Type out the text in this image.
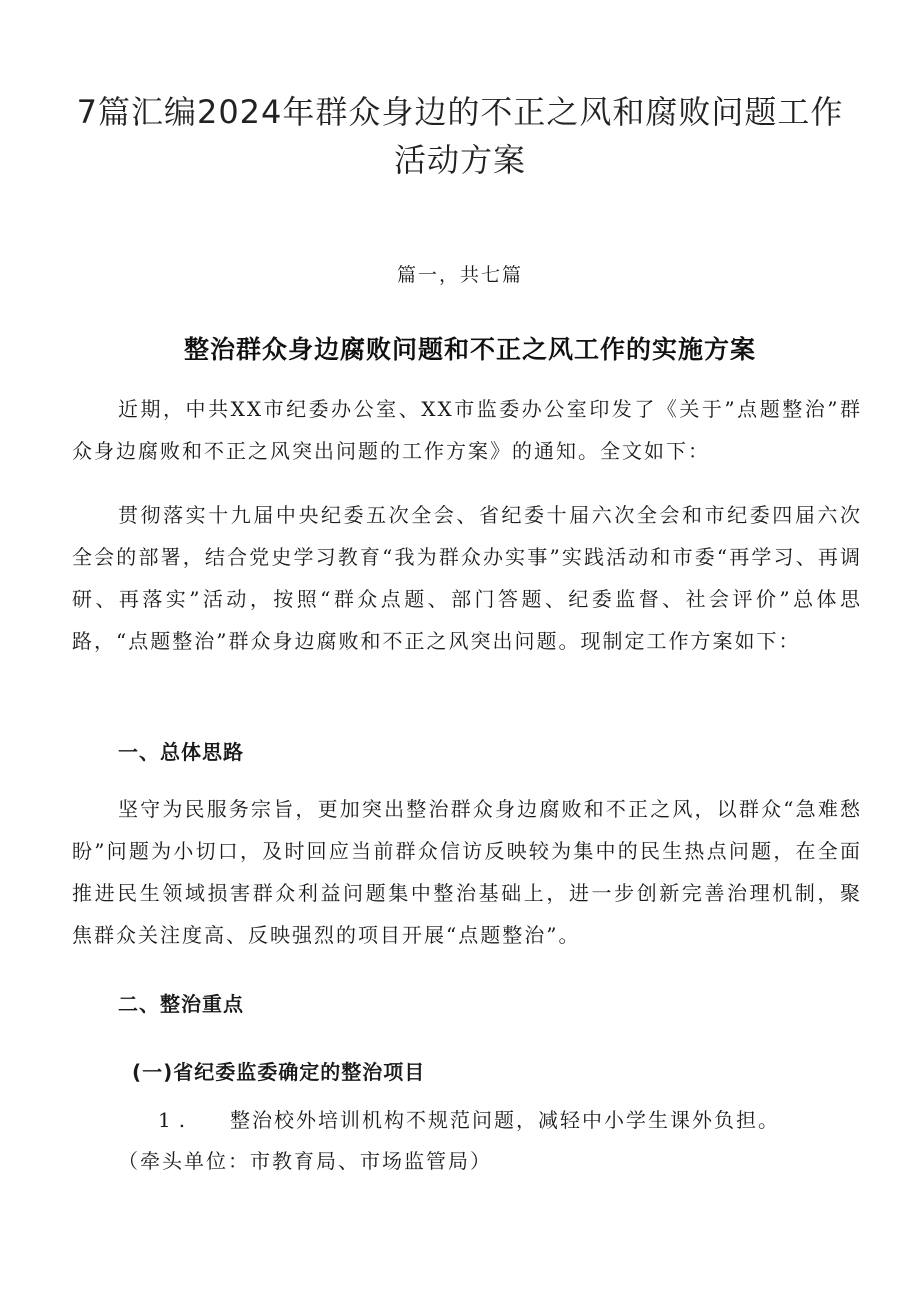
7篇汇编2024年群众身边的不正之风和腐败问题工作活动方案
篇一，共七篇
整治群众身边腐败问题和不正之风工作的实施方案

近期，中共XX市纪委办公室、XX市监委办公室印发了《关于”点题整治”群众身边腐败和不正之风突出问题的工作方案》的通知。全文如下：

贯彻落实十九届中央纪委五次全会、省纪委十届六次全会和市纪委四届六次全会的部署，结合党史学习教育“我为群众办实事”实践活动和市委“再学习、再调研、再落实”活动，按照“群众点题、部门答题、纪委监督、社会评价”总体思路，“点题整治”群众身边腐败和不正之风突出问题。现制定工作方案如下：

一、总体思路

坚守为民服务宗旨，更加突出整治群众身边腐败和不正之风，以群众“急难愁盼”问题为小切口，及时回应当前群众信访反映较为集中的民生热点问题，在全面推进民生领域损害群众利益问题集中整治基础上，进一步创新完善治理机制，聚焦群众关注度高、反映强烈的项目开展“点题整治”。

二、整治重点
(一)省纪委监委确定的整治项目
1. 整治校外培训机构不规范问题，减轻中小学生课外负担。
（牵头单位：市教育局、市场监管局）
